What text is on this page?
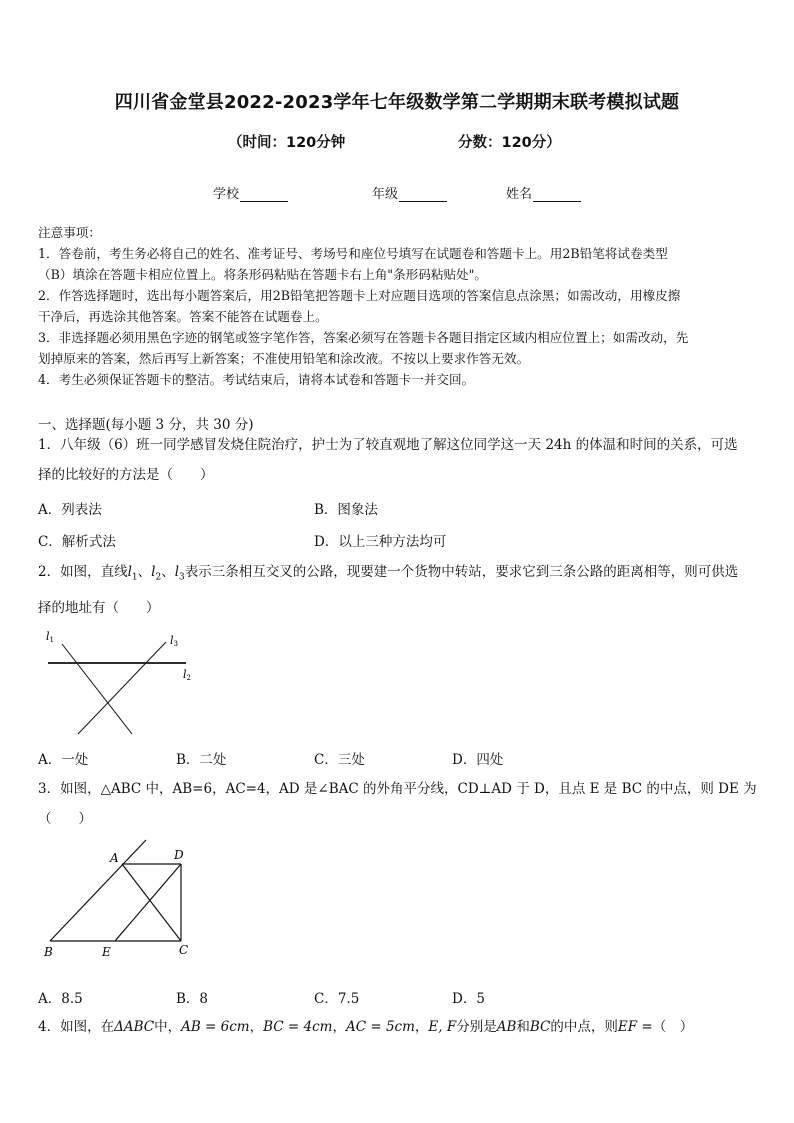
四川省金堂县2022-2023学年七年级数学第二学期期末联考模拟试题
（时间：120分钟	分数：120分）
学校	年级	姓名

注意事项：

1．答卷前，考生务必将自己的姓名、准考证号、考场号和座位号填写在试题卷和答题卡上。用2B铅笔将试卷类型

（B）填涂在答题卡相应位置上。将条形码粘贴在答题卡右上角"条形码粘贴处"。

2．作答选择题时，选出每小题答案后，用2B铅笔把答题卡上对应题目选项的答案信息点涂黑；如需改动，用橡皮擦

干净后，再选涂其他答案。答案不能答在试题卷上。

3．非选择题必须用黑色字迹的钢笔或签字笔作答，答案必须写在答题卡各题目指定区域内相应位置上；如需改动，先

划掉原来的答案，然后再写上新答案；不准使用铅笔和涂改液。不按以上要求作答无效。

4．考生必须保证答题卡的整洁。考试结束后，请将本试卷和答题卡一并交回。

一、选择题(每小题 3 分，共 30 分)
1．八年级（6）班一同学感冒发烧住院治疗，护士为了较直观地了解这位同学这一天 24h 的体温和时间的关系，可选
择的比较好的方法是（　　）
A．列表法	B．图象法
C．解析式法	D．以上三种方法均可
2．如图，直线$l_1$、$l_2$、$l_3$表示三条相互交叉的公路，现要建一个货物中转站，要求它到三条公路的距离相等，则可供选
择的地址有（　　）
l1	l3
l2
A．一处	B．二处	C．三处	D．四处
3．如图，△ABC 中，AB=6，AC=4，AD 是∠BAC 的外角平分线，CD⊥AD 于 D，且点 E 是 BC 的中点，则 DE 为
（　　）
A	D
B	E	C
A．8.5	B．8	C．7.5	D．5
4．如图，在ΔABC中，AB = 6cm，BC = 4cm，AC = 5cm，E, F分别是AB和BC的中点，则EF =（　）
